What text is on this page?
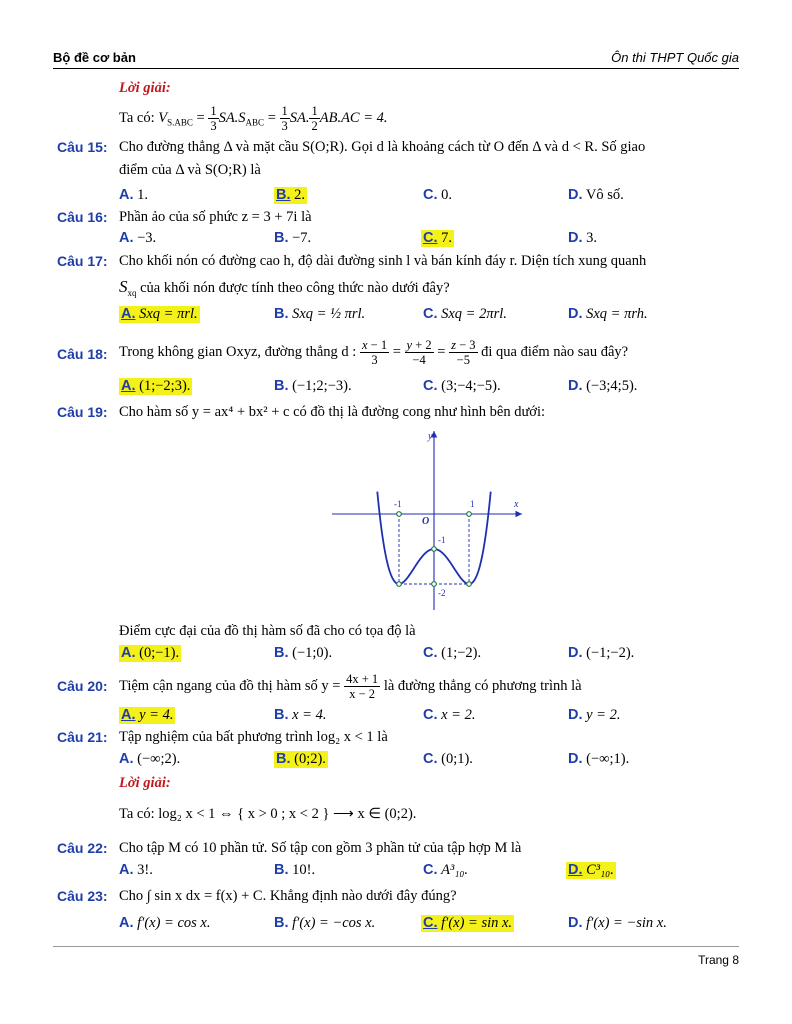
Bộ đề cơ bản	Ôn thi THPT Quốc gia
Lời giải:
Ta có: $V_{S.ABC} = \frac{1}{3} SA.S_{ABC} = \frac{1}{3}$ SA. $\frac{1}{2} AB.AC = 4$.
Câu 15: Cho đường thẳng Δ và mặt cầu S(O;R). Gọi d là khoảng cách từ O đến Δ và d < R. Số giao
điểm của Δ và S(O;R) là
A. 1.	B. 2.	C. 0.	D. Vô số.
Câu 16: Phần ảo của số phức z = 3 + 7i là
A. −3.	B. −7.	C. 7.	D. 3.
Câu 17: Cho khối nón có đường cao h, độ dài đường sinh l và bán kính đáy r. Diện tích xung quanh
$S_{xq}$ của khối nón được tính theo công thức nào dưới đây?
A. Sxq = πrl.	B. Sxq = ½ πrl.	C. Sxq = 2πrl.	D. Sxq = πrh.
Câu 18: Trong không gian Oxyz, đường thẳng d : $\frac{x - 1}{3} = \frac{y + 2}{-4} = \frac{z - 3}{-5}$ đi qua điểm nào sau đây?
A. (1;−2;3).	B. (−1;2;−3).	C. (3;−4;−5).	D. (−3;4;5).
Câu 19: Cho hàm số y = ax⁴ + bx² + c có đồ thị là đường cong như hình bên dưới:
y
x
O
-1	1
-1
-2
Điểm cực đại của đồ thị hàm số đã cho có tọa độ là
A. (0;−1).	B. (−1;0).	C. (1;−2).	D. (−1;−2).
Câu 20: Tiệm cận ngang của đồ thị hàm số $y = \frac{4x + 1}{x - 2}$ là đường thẳng có phương trình là
A. y = 4.	B. x = 4.	C. x = 2.	D. y = 2.
Câu 21: Tập nghiệm của bất phương trình log₂ x < 1 là
A. (−∞;2).	B. (0;2).	C. (0;1).	D. (−∞;1).
Lời giải:
Ta có: log₂ x < 1 ⇔ { x > 0 ; x < 2 } ⟶ x ∈ (0;2).
Câu 22: Cho tập M có 10 phần tử. Số tập con gồm 3 phần tử của tập hợp M là
A. 3!.	B. 10!.	C. A³₁₀.	D. C³₁₀.
Câu 23: Cho ∫ sin x dx = f(x) + C. Khẳng định nào dưới đây đúng?
A. f′(x) = cos x.	B. f′(x) = −cos x.	C. f′(x) = sin x.	D. f′(x) = −sin x.
Trang 8
